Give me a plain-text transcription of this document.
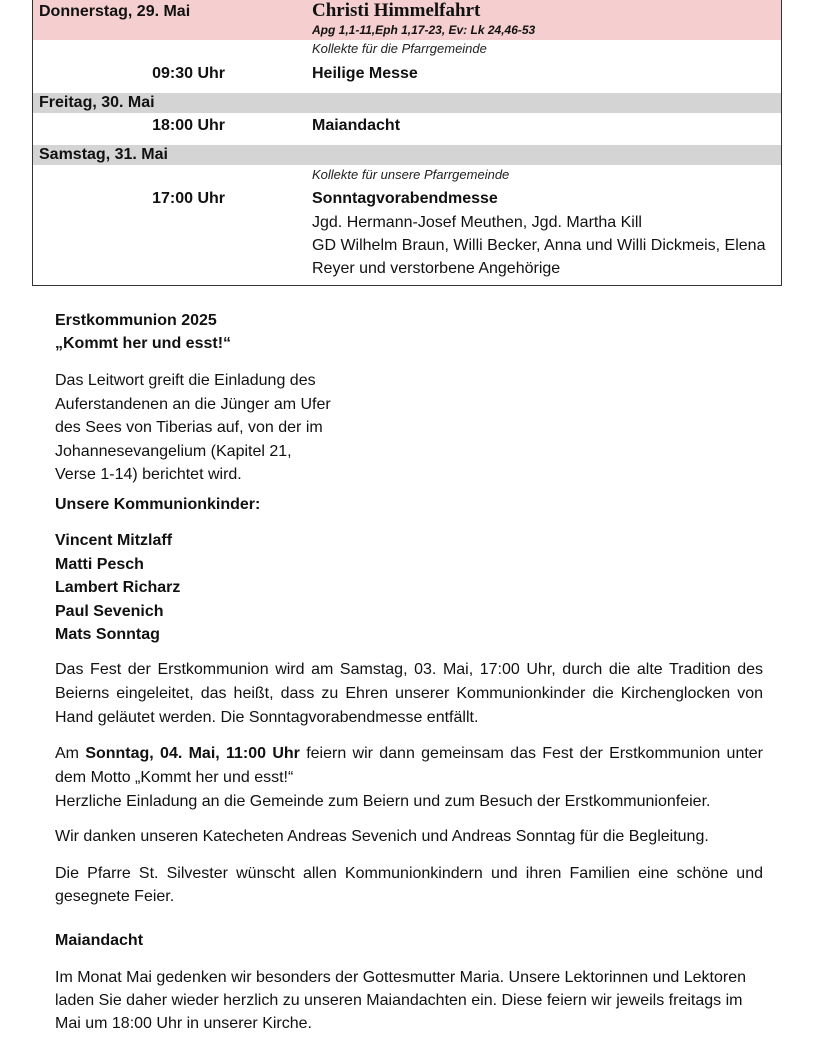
Donnerstag, 29. Mai	Christi Himmelfahrt
Apg 1,1-11,Eph 1,17-23, Ev: Lk 24,46-53
Kollekte für die Pfarrgemeinde
09:30 Uhr	Heilige Messe
Freitag, 30. Mai
18:00 Uhr	Maiandacht
Samstag, 31. Mai
Kollekte für unsere Pfarrgemeinde
17:00 Uhr	Sonntagvorabendmesse
Jgd. Hermann-Josef Meuthen, Jgd. Martha Kill
GD Wilhelm Braun, Willi Becker, Anna und Willi Dickmeis, Elena
Reyer und verstorbene Angehörige
Erstkommunion 2025
„Kommt her und esst!“
Das Leitwort greift die Einladung des
Auferstandenen an die Jünger am Ufer
des Sees von Tiberias auf, von der im
Johannesevangelium (Kapitel 21,
Verse 1-14) berichtet wird.
Unsere Kommunionkinder:
Vincent Mitzlaff
Matti Pesch
Lambert Richarz
Paul Sevenich
Mats Sonntag
Das Fest der Erstkommunion wird am Samstag, 03. Mai, 17:00 Uhr, durch die alte Tradition des Beierns eingeleitet, das heißt, dass zu Ehren unserer Kommunionkinder die Kirchenglocken von Hand geläutet werden. Die Sonntagvorabendmesse entfällt.
Am Sonntag, 04. Mai, 11:00 Uhr feiern wir dann gemeinsam das Fest der Erstkommunion unter dem Motto „Kommt her und esst!“
Herzliche Einladung an die Gemeinde zum Beiern und zum Besuch der Erstkommunionfeier.
Wir danken unseren Katecheten Andreas Sevenich und Andreas Sonntag für die Begleitung.
Die Pfarre St. Silvester wünscht allen Kommunionkindern und ihren Familien eine schöne und gesegnete Feier.
Maiandacht
Im Monat Mai gedenken wir besonders der Gottesmutter Maria. Unsere Lektorinnen und Lektoren laden Sie daher wieder herzlich zu unseren Maiandachten ein. Diese feiern wir jeweils freitags im Mai um 18:00 Uhr in unserer Kirche.
